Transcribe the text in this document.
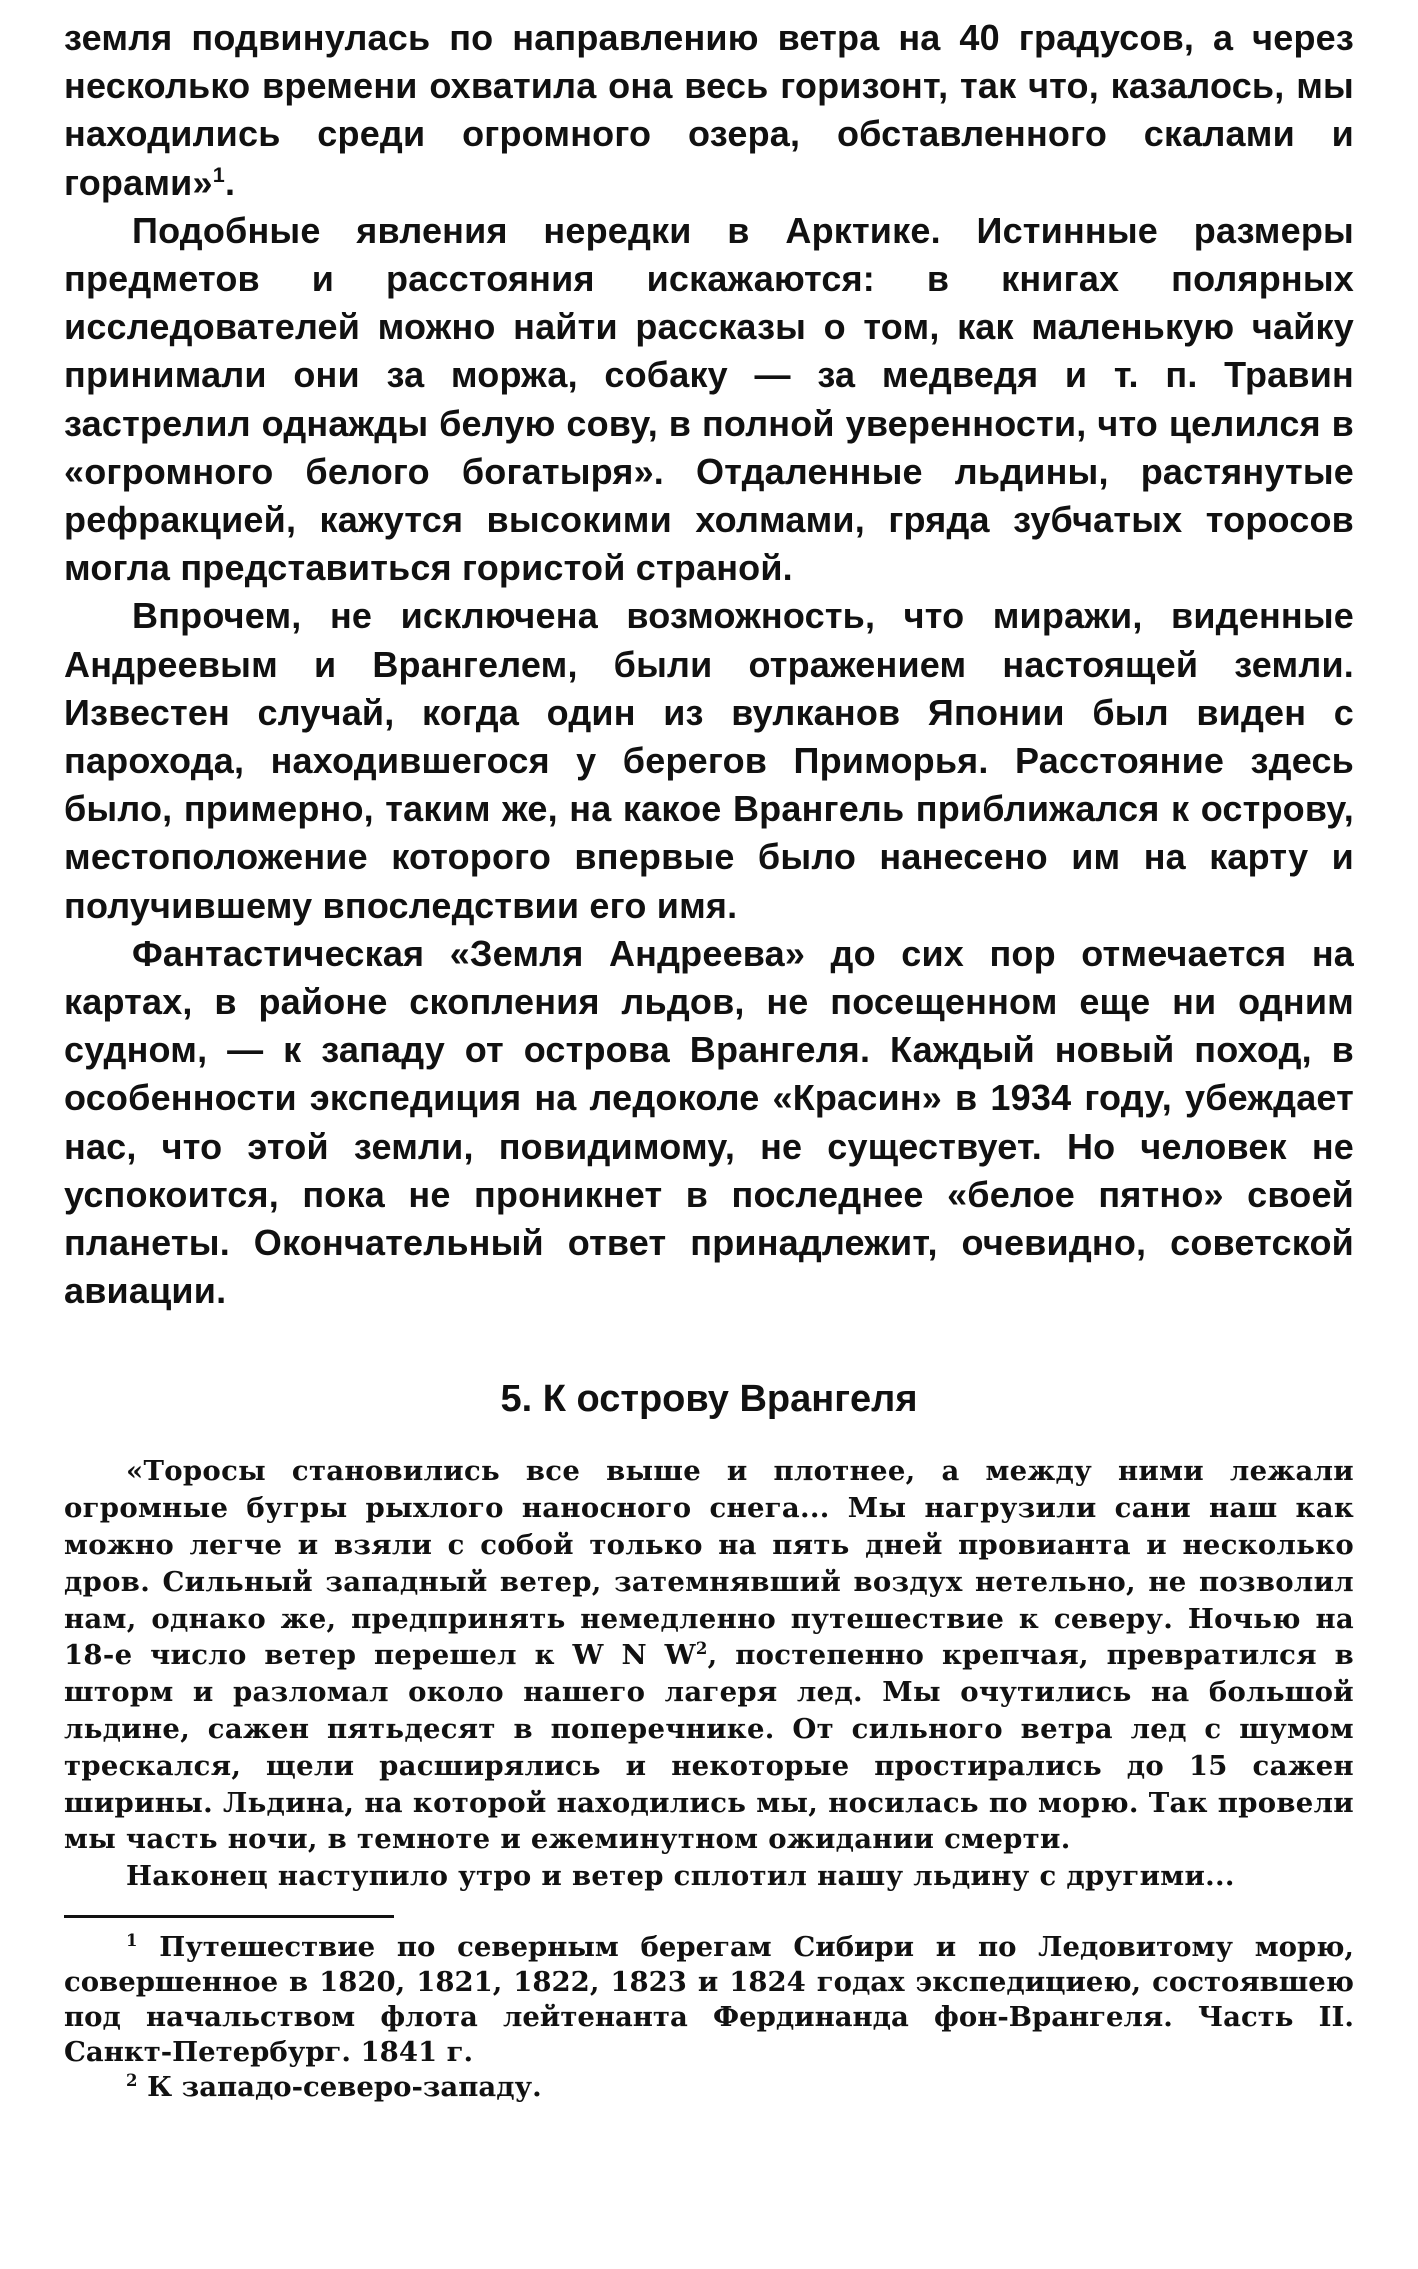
земля подвинулась по направлению ветра на 40 градусов, а через несколько времени охватила она весь горизонт, так что, казалось, мы находились среди огромного озера, обставленного скалами и горами»$^1$.

Подобные явления нередки в Арктике. Истинные размеры предметов и расстояния искажаются: в книгах полярных исследователей можно найти рассказы о том, как маленькую чайку принимали они за моржа, собаку — за медведя и т. п. Травин застрелил однажды белую сову, в полной уверенности, что целился в «огромного белого богатыря». Отдаленные льдины, растянутые рефракцией, кажутся высокими холмами, гряда зубчатых торосов могла представиться гористой страной.

Впрочем, не исключена возможность, что миражи, виденные Андреевым и Врангелем, были отражением настоящей земли. Известен случай, когда один из вулканов Японии был виден с парохода, находившегося у берегов Приморья. Расстояние здесь было, примерно, таким же, на какое Врангель приближался к острову, местоположение которого впервые было нанесено им на карту и получившему впоследствии его имя.

Фантастическая «Земля Андреева» до сих пор отмечается на картах, в районе скопления льдов, не посещенном еще ни одним судном, — к западу от острова Врангеля. Каждый новый поход, в особенности экспедиция на ледоколе «Красин» в 1934 году, убеждает нас, что этой земли, повидимому, не существует. Но человек не успокоится, пока не проникнет в последнее «белое пятно» своей планеты. Окончательный ответ принадлежит, очевидно, советской авиации.

5. К острову Врангеля

«Торосы становились все выше и плотнее, а между ними лежали огромные бугры рыхлого наносного снега... Мы нагрузили сани наш как можно легче и взяли с собой только на пять дней провианта и несколько дров. Сильный западный ветер, затемнявший воздух нетельно, не позволил нам, однако же, предпринять немедленно путешествие к северу. Ночью на 18-е число ветер перешел к W N $W^2$, постепенно крепчая, превратился в шторм и разломал около нашего лагеря лед. Мы очутились на большой льдине, сажен пятьдесят в поперечнике. От сильного ветра лед с шумом трескался, щели расширялись и некоторые простирались до 15 сажен ширины. Льдина, на которой находились мы, носилась по морю. Так провели мы часть ночи, в темноте и ежеминутном ожидании смерти.

Наконец наступило утро и ветер сплотил нашу льдину с другими...

$^1$ Путешествие по северным берегам Сибири и по Ледовитому морю, совершенное в 1820, 1821, 1822, 1823 и 1824 годах экспедициею, состоявшею под начальством флота лейтенанта Фердинанда фон-Врангеля. Часть II. Санкт-Петербург. 1841 г.

$^2$ К западо-северо-западу.
